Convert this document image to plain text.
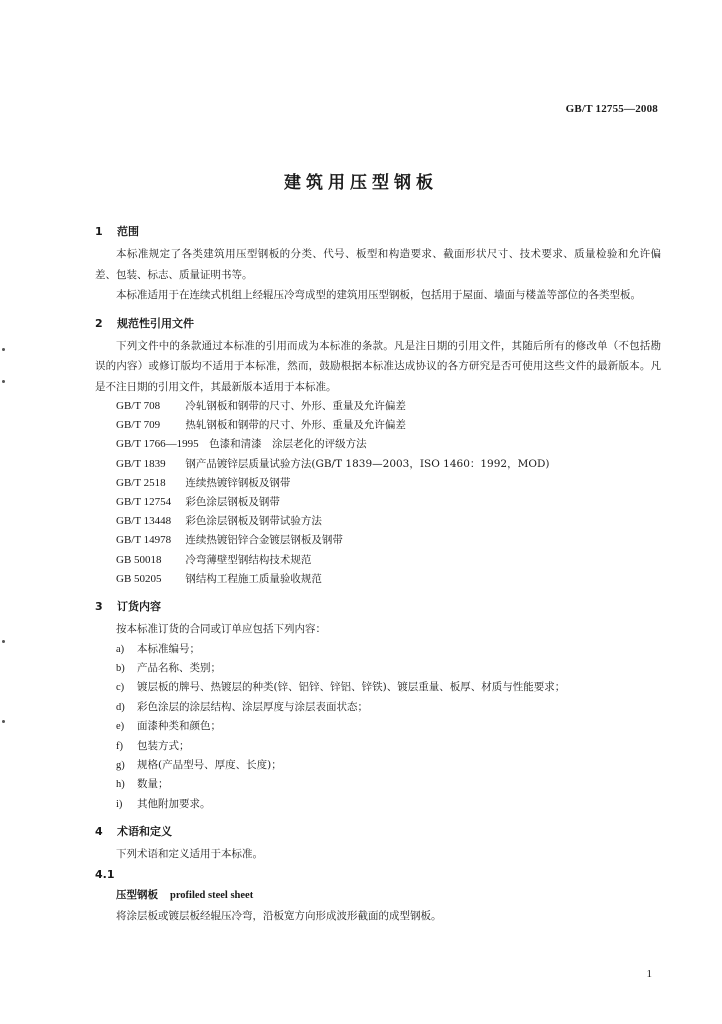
GB/T 12755—2008
建筑用压型钢板
1 范围

本标准规定了各类建筑用压型钢板的分类、代号、板型和构造要求、截面形状尺寸、技术要求、质量检验和允许偏差、包装、标志、质量证明书等。

本标准适用于在连续式机组上经辊压冷弯成型的建筑用压型钢板，包括用于屋面、墙面与楼盖等部位的各类型板。

2 规范性引用文件

下列文件中的条款通过本标准的引用而成为本标准的条款。凡是注日期的引用文件，其随后所有的修改单（不包括勘误的内容）或修订版均不适用于本标准，然而，鼓励根据本标准达成协议的各方研究是否可使用这些文件的最新版本。凡是不注日期的引用文件，其最新版本适用于本标准。

GB/T 708 冷轧钢板和钢带的尺寸、外形、重量及允许偏差
GB/T 709 热轧钢板和钢带的尺寸、外形、重量及允许偏差
GB/T 1766—1995　 色漆和清漆　涂层老化的评级方法
GB/T 1839 钢产品镀锌层质量试验方法(GB/T 1839—2003，ISO 1460：1992，MOD)
GB/T 2518 连续热镀锌钢板及钢带
GB/T 12754 彩色涂层钢板及钢带
GB/T 13448 彩色涂层钢板及钢带试验方法
GB/T 14978 连续热镀铝锌合金镀层钢板及钢带
GB 50018 冷弯薄壁型钢结构技术规范
GB 50205 钢结构工程施工质量验收规范
3 订货内容

按本标准订货的合同或订单应包括下列内容：

a) 本标准编号；
b) 产品名称、类别；
c) 镀层板的牌号、热镀层的种类(锌、铝锌、锌铝、锌铁)、镀层重量、板厚、材质与性能要求；
d) 彩色涂层的涂层结构、涂层厚度与涂层表面状态；
e) 面漆种类和颜色；
f) 包装方式；
g) 规格(产品型号、厚度、长度)；
h) 数量；
i) 其他附加要求。
4 术语和定义

下列术语和定义适用于本标准。

4.1
压型钢板 profiled steel sheet
将涂层板或镀层板经辊压冷弯，沿板宽方向形成波形截面的成型钢板。
1
